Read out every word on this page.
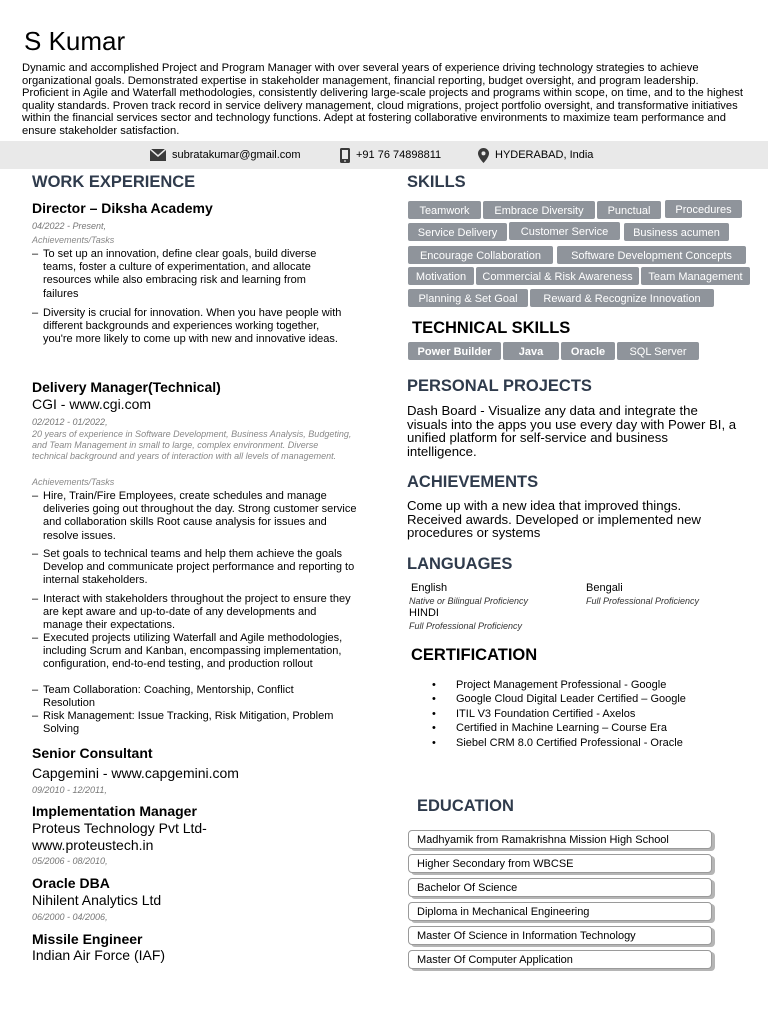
S Kumar
Dynamic and accomplished Project and Program Manager with over several years of experience driving technology strategies to achieve organizational goals. Demonstrated expertise in stakeholder management, financial reporting, budget oversight, and program leadership. Proficient in Agile and Waterfall methodologies, consistently delivering large-scale projects and programs within scope, on time, and to the highest quality standards. Proven track record in service delivery management, cloud migrations, project portfolio oversight, and transformative initiatives within the financial services sector and technology functions. Adept at fostering collaborative environments to maximize team performance and ensure stakeholder satisfaction.
subratakumar@gmail.com	+91 76 74898811	HYDERABAD, India
WORK EXPERIENCE
Director – Diksha Academy
04/2022 - Present,
Achievements/Tasks
– To set up an innovation, define clear goals, build diverse teams, foster a culture of experimentation, and allocate resources while also embracing risk and learning from failures
– Diversity is crucial for innovation. When you have people with different backgrounds and experiences working together, you're more likely to come up with new and innovative ideas.
Delivery Manager(Technical)
CGI - www.cgi.com
02/2012 - 01/2022,
20 years of experience in Software Development, Business Analysis, Budgeting, and Team Management in small to large, complex environment. Diverse technical background and years of interaction with all levels of management.
Achievements/Tasks
– Hire, Train/Fire Employees, create schedules and manage deliveries going out throughout the day. Strong customer service and collaboration skills Root cause analysis for issues and resolve issues.
– Set goals to technical teams and help them achieve the goals Develop and communicate project performance and reporting to internal stakeholders.
– Interact with stakeholders throughout the project to ensure they are kept aware and up-to-date of any developments and manage their expectations.
– Executed projects utilizing Waterfall and Agile methodologies, including Scrum and Kanban, encompassing implementation, configuration, end-to-end testing, and production rollout
– Team Collaboration: Coaching, Mentorship, Conflict Resolution
– Risk Management: Issue Tracking, Risk Mitigation, Problem Solving
Senior Consultant
Capgemini - www.capgemini.com
09/2010 - 12/2011,
Implementation Manager
Proteus Technology Pvt Ltd- www.proteustech.in
05/2006 - 08/2010,
Oracle DBA
Nihilent Analytics Ltd
06/2000 - 04/2006,
Missile Engineer
Indian Air Force (IAF)
SKILLS
Teamwork	Embrace Diversity	Punctual	Procedures
Service Delivery	Customer Service	Business acumen
Encourage Collaboration	Software Development Concepts
Motivation	Commercial & Risk Awareness	Team Management
Planning & Set Goal	Reward & Recognize Innovation
TECHNICAL SKILLS
Power Builder	Java	Oracle	SQL Server
PERSONAL PROJECTS
Dash Board - Visualize any data and integrate the visuals into the apps you use every day with Power BI, a unified platform for self-service and business intelligence.
ACHIEVEMENTS
Come up with a new idea that improved things. Received awards. Developed or implemented new procedures or systems
LANGUAGES
English
Native or Bilingual Proficiency
Bengali
Full Professional Proficiency
HINDI
Full Professional Proficiency
CERTIFICATION
• Project Management Professional - Google
• Google Cloud Digital Leader Certified – Google
• ITIL V3 Foundation Certified - Axelos
• Certified in Machine Learning – Course Era
• Siebel CRM 8.0 Certified Professional - Oracle
EDUCATION
Madhyamik from Ramakrishna Mission High School
Higher Secondary from WBCSE
Bachelor Of Science
Diploma in Mechanical Engineering
Master Of Science in Information Technology
Master Of Computer Application
